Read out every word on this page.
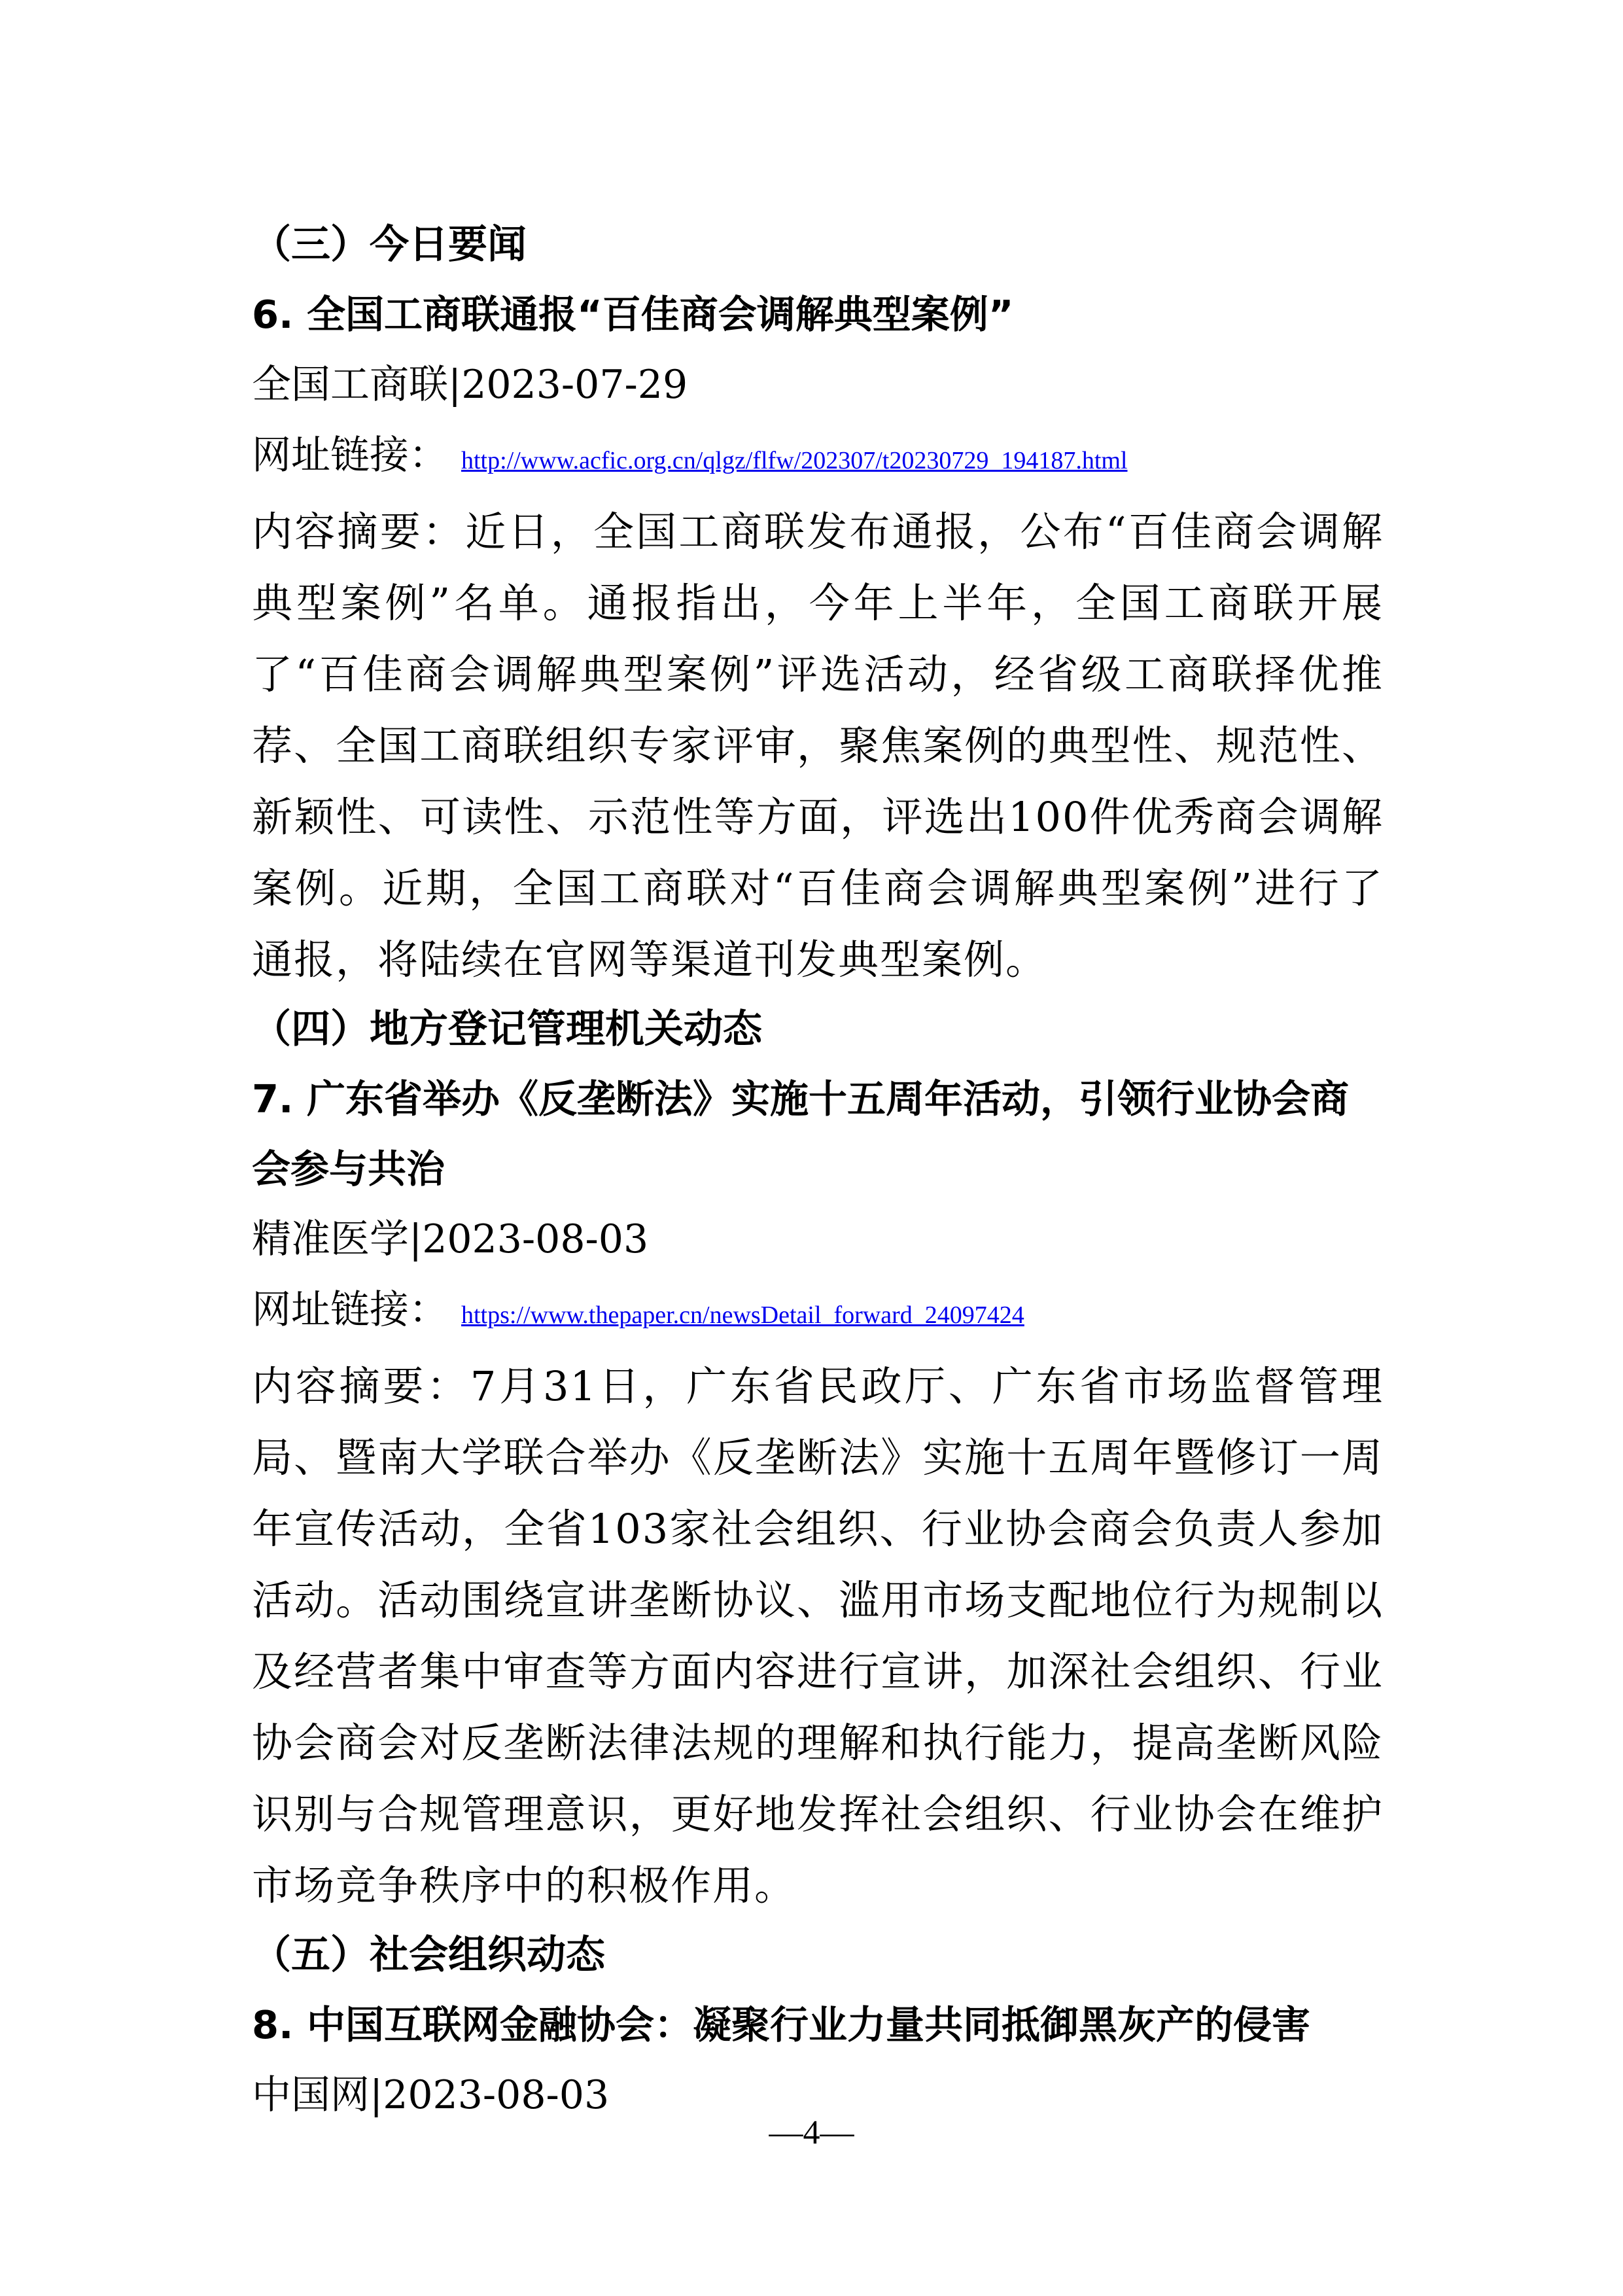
（三）今日要闻

6. 全国工商联通报“百佳商会调解典型案例”

全国工商联|2023-07-29

网址链接： http://www.acfic.org.cn/qlgz/flfw/202307/t20230729_194187.html

内容摘要：近日，全国工商联发布通报，公布“百佳商会调解典型案例”名单。通报指出，今年上半年，全国工商联开展了“百佳商会调解典型案例”评选活动，经省级工商联择优推荐、全国工商联组织专家评审，聚焦案例的典型性、规范性、新颖性、可读性、示范性等方面，评选出100件优秀商会调解案例。近期，全国工商联对“百佳商会调解典型案例”进行了通报，将陆续在官网等渠道刊发典型案例。

（四）地方登记管理机关动态

7. 广东省举办《反垄断法》实施十五周年活动，引领行业协会商会参与共治

精准医学|2023-08-03

网址链接： https://www.thepaper.cn/newsDetail_forward_24097424

内容摘要：7月31日，广东省民政厅、广东省市场监督管理局、暨南大学联合举办《反垄断法》实施十五周年暨修订一周年宣传活动，全省103家社会组织、行业协会商会负责人参加活动。活动围绕宣讲垄断协议、滥用市场支配地位行为规制以及经营者集中审查等方面内容进行宣讲，加深社会组织、行业协会商会对反垄断法律法规的理解和执行能力，提高垄断风险识别与合规管理意识，更好地发挥社会组织、行业协会在维护市场竞争秩序中的积极作用。

（五）社会组织动态

8. 中国互联网金融协会：凝聚行业力量共同抵御黑灰产的侵害

中国网|2023-08-03

—4—
